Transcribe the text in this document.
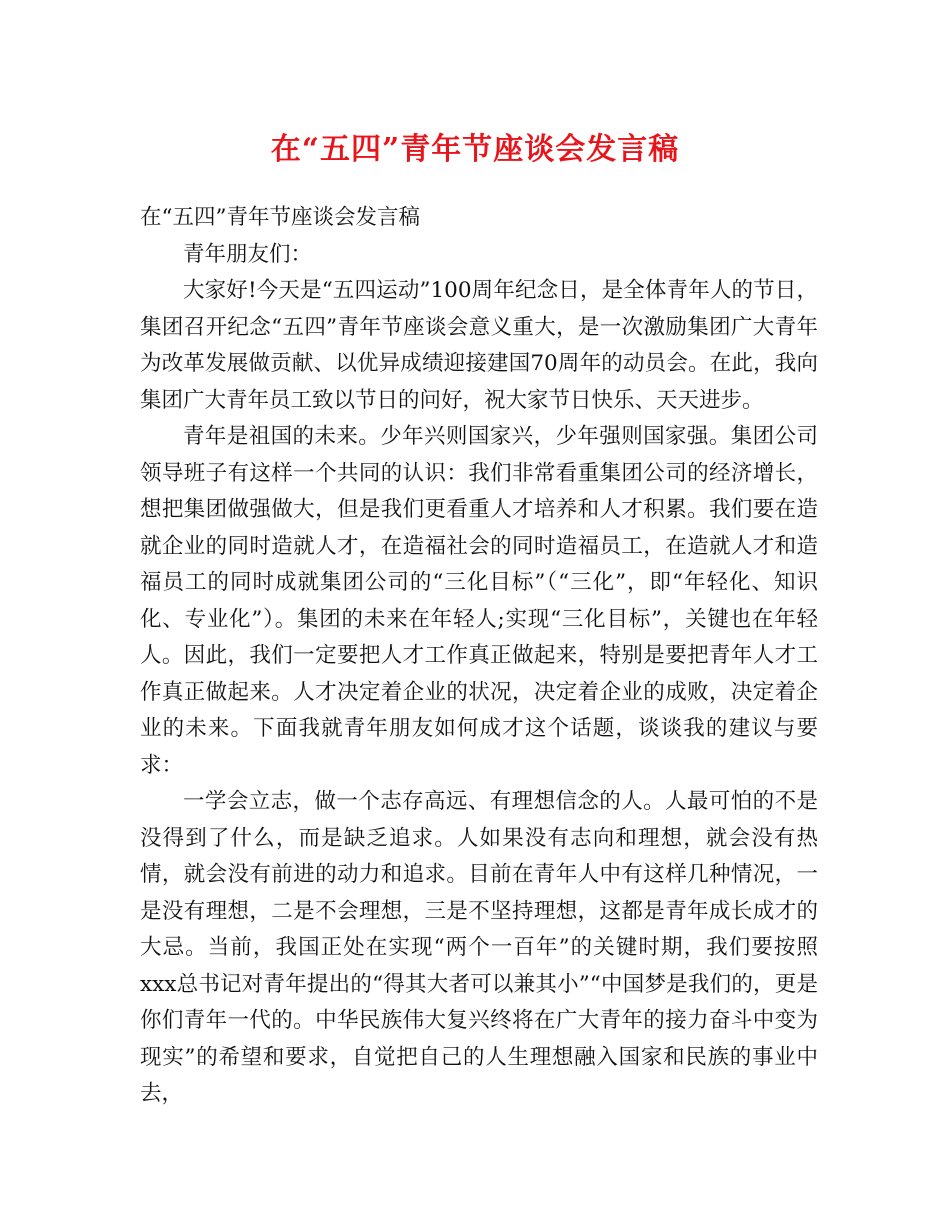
在“五四”青年节座谈会发言稿

在“五四”青年节座谈会发言稿

青年朋友们：

大家好!今天是“五四运动”100周年纪念日，是全体青年人的节日，集团召开纪念“五四”青年节座谈会意义重大，是一次激励集团广大青年为改革发展做贡献、以优异成绩迎接建国70周年的动员会。在此，我向集团广大青年员工致以节日的问好，祝大家节日快乐、天天进步。

青年是祖国的未来。少年兴则国家兴，少年强则国家强。集团公司领导班子有这样一个共同的认识：我们非常看重集团公司的经济增长，想把集团做强做大，但是我们更看重人才培养和人才积累。我们要在造就企业的同时造就人才，在造福社会的同时造福员工，在造就人才和造福员工的同时成就集团公司的“三化目标”（“三化”，即“年轻化、知识化、专业化”）。集团的未来在年轻人;实现“三化目标”，关键也在年轻人。因此，我们一定要把人才工作真正做起来，特别是要把青年人才工作真正做起来。人才决定着企业的状况，决定着企业的成败，决定着企业的未来。下面我就青年朋友如何成才这个话题，谈谈我的建议与要求：

一学会立志，做一个志存高远、有理想信念的人。人最可怕的不是没得到了什么，而是缺乏追求。人如果没有志向和理想，就会没有热情，就会没有前进的动力和追求。目前在青年人中有这样几种情况，一是没有理想，二是不会理想，三是不坚持理想，这都是青年成长成才的大忌。当前，我国正处在实现“两个一百年”的关键时期，我们要按照xxx总书记对青年提出的“得其大者可以兼其小”“中国梦是我们的，更是你们青年一代的。中华民族伟大复兴终将在广大青年的接力奋斗中变为现实”的希望和要求，自觉把自己的人生理想融入国家和民族的事业中去，
